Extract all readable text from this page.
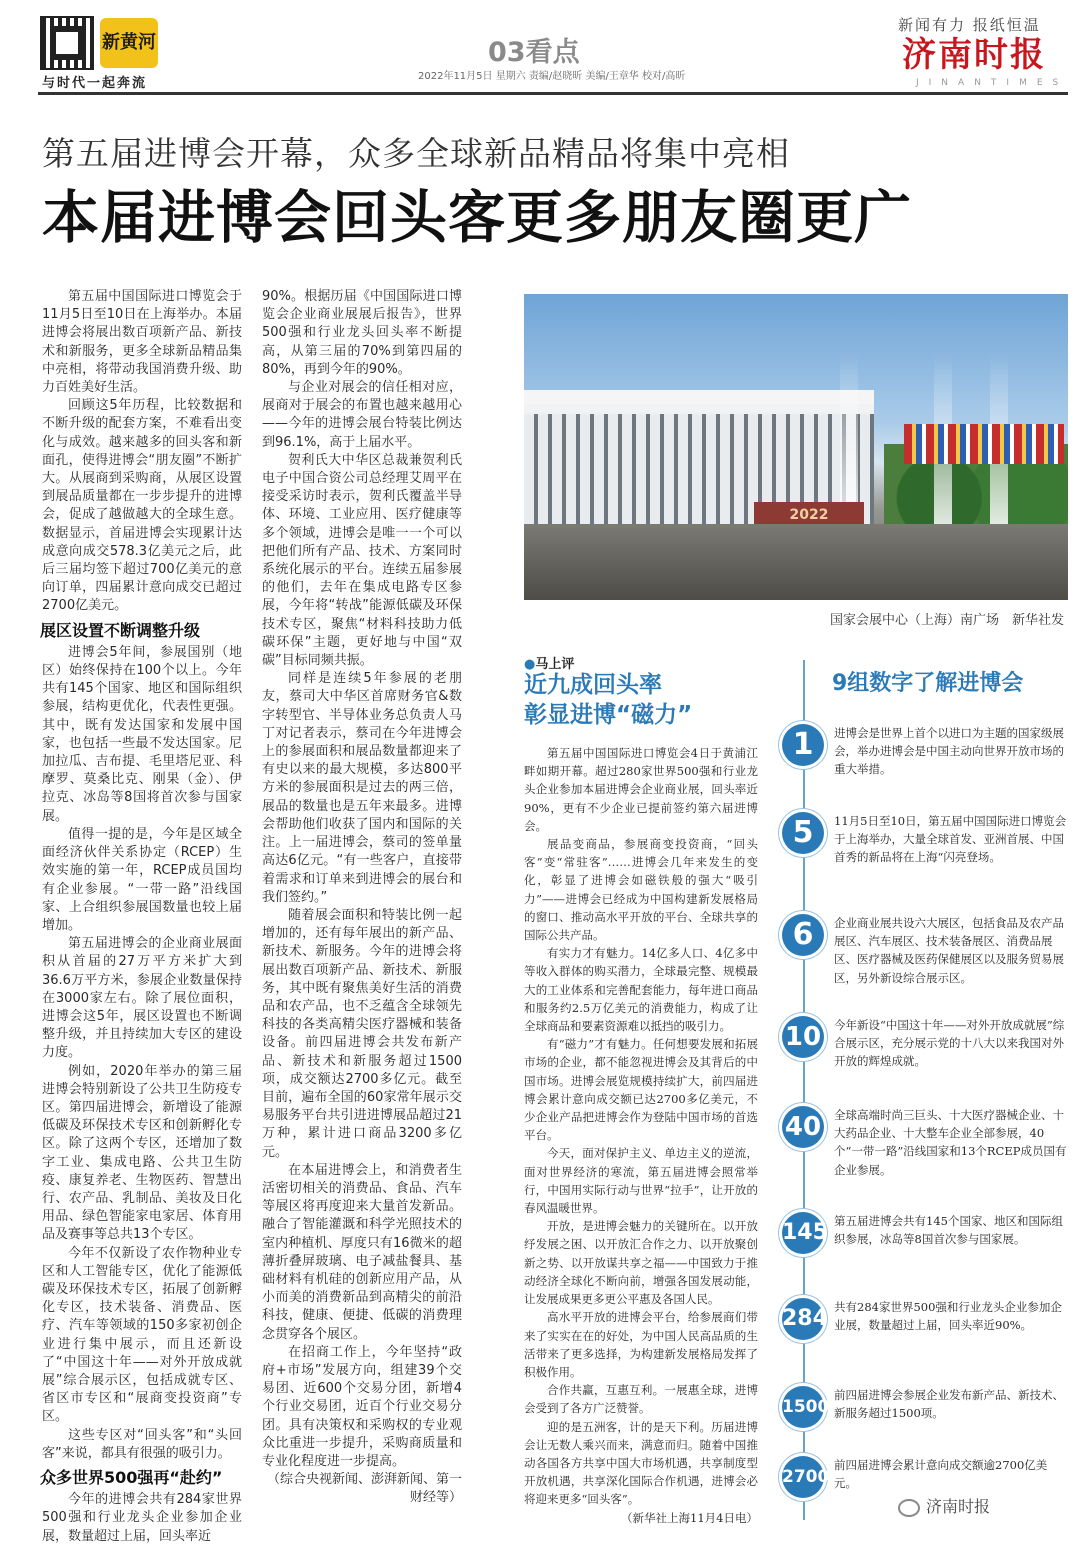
新黄河
与时代一起奔流
03看点
2022年11月5日 星期六 责编/赵晓昕 美编/王章华 校对/高昕
新闻有力 报纸恒温
济南时报
JINANTIMES
第五届进博会开幕，众多全球新品精品将集中亮相
本届进博会回头客更多朋友圈更广

第五届中国国际进口博览会于11月5日至10日在上海举办。本届进博会将展出数百项新产品、新技术和新服务，更多全球新品精品集中亮相，将带动我国消费升级、助力百姓美好生活。

回顾这5年历程，比较数据和不断升级的配套方案，不难看出变化与成效。越来越多的回头客和新面孔，使得进博会“朋友圈”不断扩大。从展商到采购商，从展区设置到展品质量都在一步步提升的进博会，促成了越做越大的全球生意。数据显示，首届进博会实现累计达成意向成交578.3亿美元之后，此后三届均签下超过700亿美元的意向订单，四届累计意向成交已超过2700亿美元。

展区设置不断调整升级

进博会5年间，参展国别（地区）始终保持在100个以上。今年共有145个国家、地区和国际组织参展，结构更优化，代表性更强。其中，既有发达国家和发展中国家，也包括一些最不发达国家。尼加拉瓜、吉布提、毛里塔尼亚、科摩罗、莫桑比克、刚果（金）、伊拉克、冰岛等8国将首次参与国家展。

值得一提的是，今年是区域全面经济伙伴关系协定（RCEP）生效实施的第一年，RCEP成员国均有企业参展。“一带一路”沿线国家、上合组织参展国数量也较上届增加。

第五届进博会的企业商业展面积从首届的27万平方米扩大到36.6万平方米，参展企业数量保持在3000家左右。除了展位面积，进博会这5年，展区设置也不断调整升级，并且持续加大专区的建设力度。

例如，2020年举办的第三届进博会特别新设了公共卫生防疫专区。第四届进博会，新增设了能源低碳及环保技术专区和创新孵化专区。除了这两个专区，还增加了数字工业、集成电路、公共卫生防疫、康复养老、生物医药、智慧出行、农产品、乳制品、美妆及日化用品、绿色智能家电家居、体育用品及赛事等总共13个专区。

今年不仅新设了农作物种业专区和人工智能专区，优化了能源低碳及环保技术专区，拓展了创新孵化专区，技术装备、消费品、医疗、汽车等领域的150多家初创企业进行集中展示，而且还新设了“中国这十年——对外开放成就展”综合展示区，包括成就专区、省区市专区和“展商变投资商”专区。

这些专区对“回头客”和“头回客”来说，都具有很强的吸引力。

众多世界500强再“赴约”

今年的进博会共有284家世界500强和行业龙头企业参加企业展，数量超过上届，回头率近

90%。根据历届《中国国际进口博览会企业商业展展后报告》，世界500强和行业龙头回头率不断提高，从第三届的70%到第四届的80%，再到今年的90%。

与企业对展会的信任相对应，展商对于展会的布置也越来越用心——今年的进博会展台特装比例达到96.1%，高于上届水平。

贺利氏大中华区总裁兼贺利氏电子中国合资公司总经理艾周平在接受采访时表示，贺利氏覆盖半导体、环境、工业应用、医疗健康等多个领域，进博会是唯一一个可以把他们所有产品、技术、方案同时系统化展示的平台。连续五届参展的他们，去年在集成电路专区参展，今年将“转战”能源低碳及环保技术专区，聚焦“材料科技助力低碳环保”主题，更好地与中国“双碳”目标同频共振。

同样是连续5年参展的老朋友，蔡司大中华区首席财务官&数字转型官、半导体业务总负责人马丁对记者表示，蔡司在今年进博会上的参展面积和展品数量都迎来了有史以来的最大规模，多达800平方米的参展面积是过去的两三倍，展品的数量也是五年来最多。进博会帮助他们收获了国内和国际的关注。上一届进博会，蔡司的签单量高达6亿元。“有一些客户，直接带着需求和订单来到进博会的展台和我们签约。”

随着展会面积和特装比例一起增加的，还有每年展出的新产品、新技术、新服务。今年的进博会将展出数百项新产品、新技术、新服务，其中既有聚焦美好生活的消费品和农产品，也不乏蕴含全球领先科技的各类高精尖医疗器械和装备设备。前四届进博会共发布新产品、新技术和新服务超过1500项，成交额达2700多亿元。截至目前，遍布全国的60家常年展示交易服务平台共引进进博展品超过21万种，累计进口商品3200多亿元。

在本届进博会上，和消费者生活密切相关的消费品、食品、汽车等展区将再度迎来大量首发新品。融合了智能灌溉和科学光照技术的室内种植机、厚度只有16微米的超薄折叠屏玻璃、电子减盐餐具、基础材料有机硅的创新应用产品，从小而美的消费新品到高精尖的前沿科技，健康、便捷、低碳的消费理念贯穿各个展区。

在招商工作上，今年坚持“政府+市场”发展方向，组建39个交易团、近600个交易分团，新增4个行业交易团，近百个行业交易分团。具有决策权和采购权的专业观众比重进一步提升，采购商质量和专业化程度进一步提高。

（综合央视新闻、澎湃新闻、第一财经等）

2022
国家会展中心（上海）南广场 新华社发
●马上评
近九成回头率
彰显进博“磁力”

第五届中国国际进口博览会4日于黄浦江畔如期开幕。超过280家世界500强和行业龙头企业参加本届进博会企业商业展，回头率近90%，更有不少企业已提前签约第六届进博会。

展品变商品，参展商变投资商，“回头客”变“常驻客”……进博会几年来发生的变化，彰显了进博会如磁铁般的强大“吸引力”——进博会已经成为中国构建新发展格局的窗口、推动高水平开放的平台、全球共享的国际公共产品。

有实力才有魅力。14亿多人口、4亿多中等收入群体的购买潜力，全球最完整、规模最大的工业体系和完善配套能力，每年进口商品和服务约2.5万亿美元的消费能力，构成了让全球商品和要素资源难以抵挡的吸引力。

有“磁力”才有魅力。任何想要发展和拓展市场的企业，都不能忽视进博会及其背后的中国市场。进博会展览规模持续扩大，前四届进博会累计意向成交额已达2700多亿美元，不少企业产品把进博会作为登陆中国市场的首选平台。

今天，面对保护主义、单边主义的逆流，面对世界经济的寒流，第五届进博会照常举行，中国用实际行动与世界“拉手”，让开放的春风温暖世界。

开放，是进博会魅力的关键所在。以开放纾发展之困、以开放汇合作之力、以开放聚创新之势、以开放谋共享之福——中国致力于推动经济全球化不断向前，增强各国发展动能，让发展成果更多更公平惠及各国人民。

高水平开放的进博会平台，给参展商们带来了实实在在的好处，为中国人民高品质的生活带来了更多选择，为构建新发展格局发挥了积极作用。

合作共赢，互惠互利。一展惠全球，进博会受到了各方广泛赞誉。

迎的是五洲客，计的是天下利。历届进博会让无数人乘兴而来，满意而归。随着中国推动各国各方共享中国大市场机遇，共享制度型开放机遇，共享深化国际合作机遇，进博会必将迎来更多“回头客”。

（新华社上海11月4日电）

9组数字了解进博会
1	进博会是世界上首个以进口为主题的国家级展会，举办进博会是中国主动向世界开放市场的重大举措。
5	11月5日至10日，第五届中国国际进口博览会于上海举办，大量全球首发、亚洲首展、中国首秀的新品将在上海“闪亮登场。
6	企业商业展共设六大展区，包括食品及农产品展区、汽车展区、技术装备展区、消费品展区、医疗器械及医药保健展区以及服务贸易展区，另外新设综合展示区。
10 今年新设“中国这十年——对外开放成就展”综合展示区，充分展示党的十八大以来我国对外开放的辉煌成就。
40 全球高端时尚三巨头、十大医疗器械企业、十大药品企业、十大整车企业全部参展，40个“一带一路”沿线国家和13个RCEP成员国有企业参展。
145 第五届进博会共有145个国家、地区和国际组织参展，冰岛等8国首次参与国家展。
284 共有284家世界500强和行业龙头企业参加企业展，数量超过上届，回头率近90%。
1500
前四届进博会参展企业发布新产品、新技术、新服务超过1500项。
2700
前四届进博会累计意向成交额逾2700亿美元。
济南时报
